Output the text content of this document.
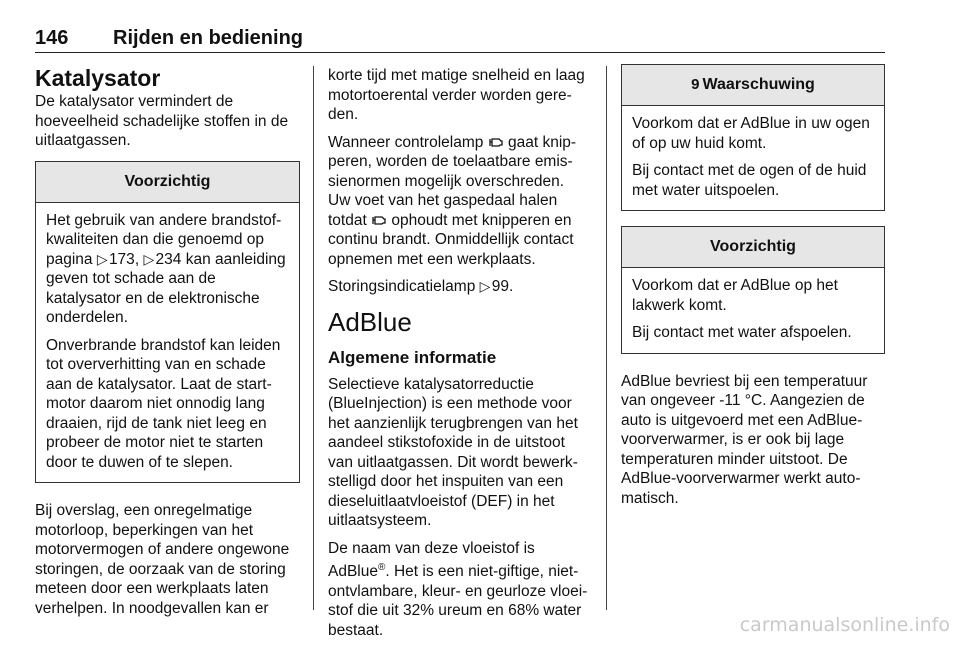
146 Rijden en bediening
Katalysator

De katalysator vermindert de hoeveelheid schadelijke stoffen in de uitlaatgassen.

Voorzichtig

Het gebruik van andere brandstofkwaliteiten dan die genoemd op pagina ▷ 173, ▷ 234 kan aanleiding geven tot schade aan de katalysator en de elektronische onderdelen.

Onverbrande brandstof kan leiden tot oververhitting van en schade aan de katalysator. Laat de startmotor daarom niet onnodig lang draaien, rijd de tank niet leeg en probeer de motor niet te starten door te duwen of te slepen.

Bij overslag, een onregelmatige motorloop, beperkingen van het motorvermogen of andere ongewone storingen, de oorzaak van de storing meteen door een werkplaats laten verhelpen. In noodgevallen kan er

korte tijd met matige snelheid en laag motortoerental verder worden gereden.

Wanneer controlelamp  gaat knipperen, worden de toelaatbare emissienormen mogelijk overschreden. Uw voet van het gaspedaal halen totdat  ophoudt met knipperen en continu brandt. Onmiddellijk contact opnemen met een werkplaats.

Storingsindicatielamp ▷ 99.

AdBlue
Algemene informatie

Selectieve katalysatorreductie (BlueInjection) is een methode voor het aanzienlijk terugbrengen van het aandeel stikstofoxide in de uitstoot van uitlaatgassen. Dit wordt bewerkstelligd door het inspuiten van een dieseluitlaatvloeistof (DEF) in het uitlaatsysteem.

De naam van deze vloeistof is AdBlue®. Het is een niet-giftige, niet-ontvlambare, kleur- en geurloze vloeistof die uit 32% ureum en 68% water bestaat.

9 Waarschuwing

Voorkom dat er AdBlue in uw ogen of op uw huid komt.

Bij contact met de ogen of de huid met water uitspoelen.

Voorzichtig

Voorkom dat er AdBlue op het lakwerk komt.

Bij contact met water afspoelen.

AdBlue bevriest bij een temperatuur van ongeveer -11 °C. Aangezien de auto is uitgevoerd met een AdBlue-voorverwarmer, is er ook bij lage temperaturen minder uitstoot. De AdBlue-voorverwarmer werkt automatisch.

carmanualsonline.info
